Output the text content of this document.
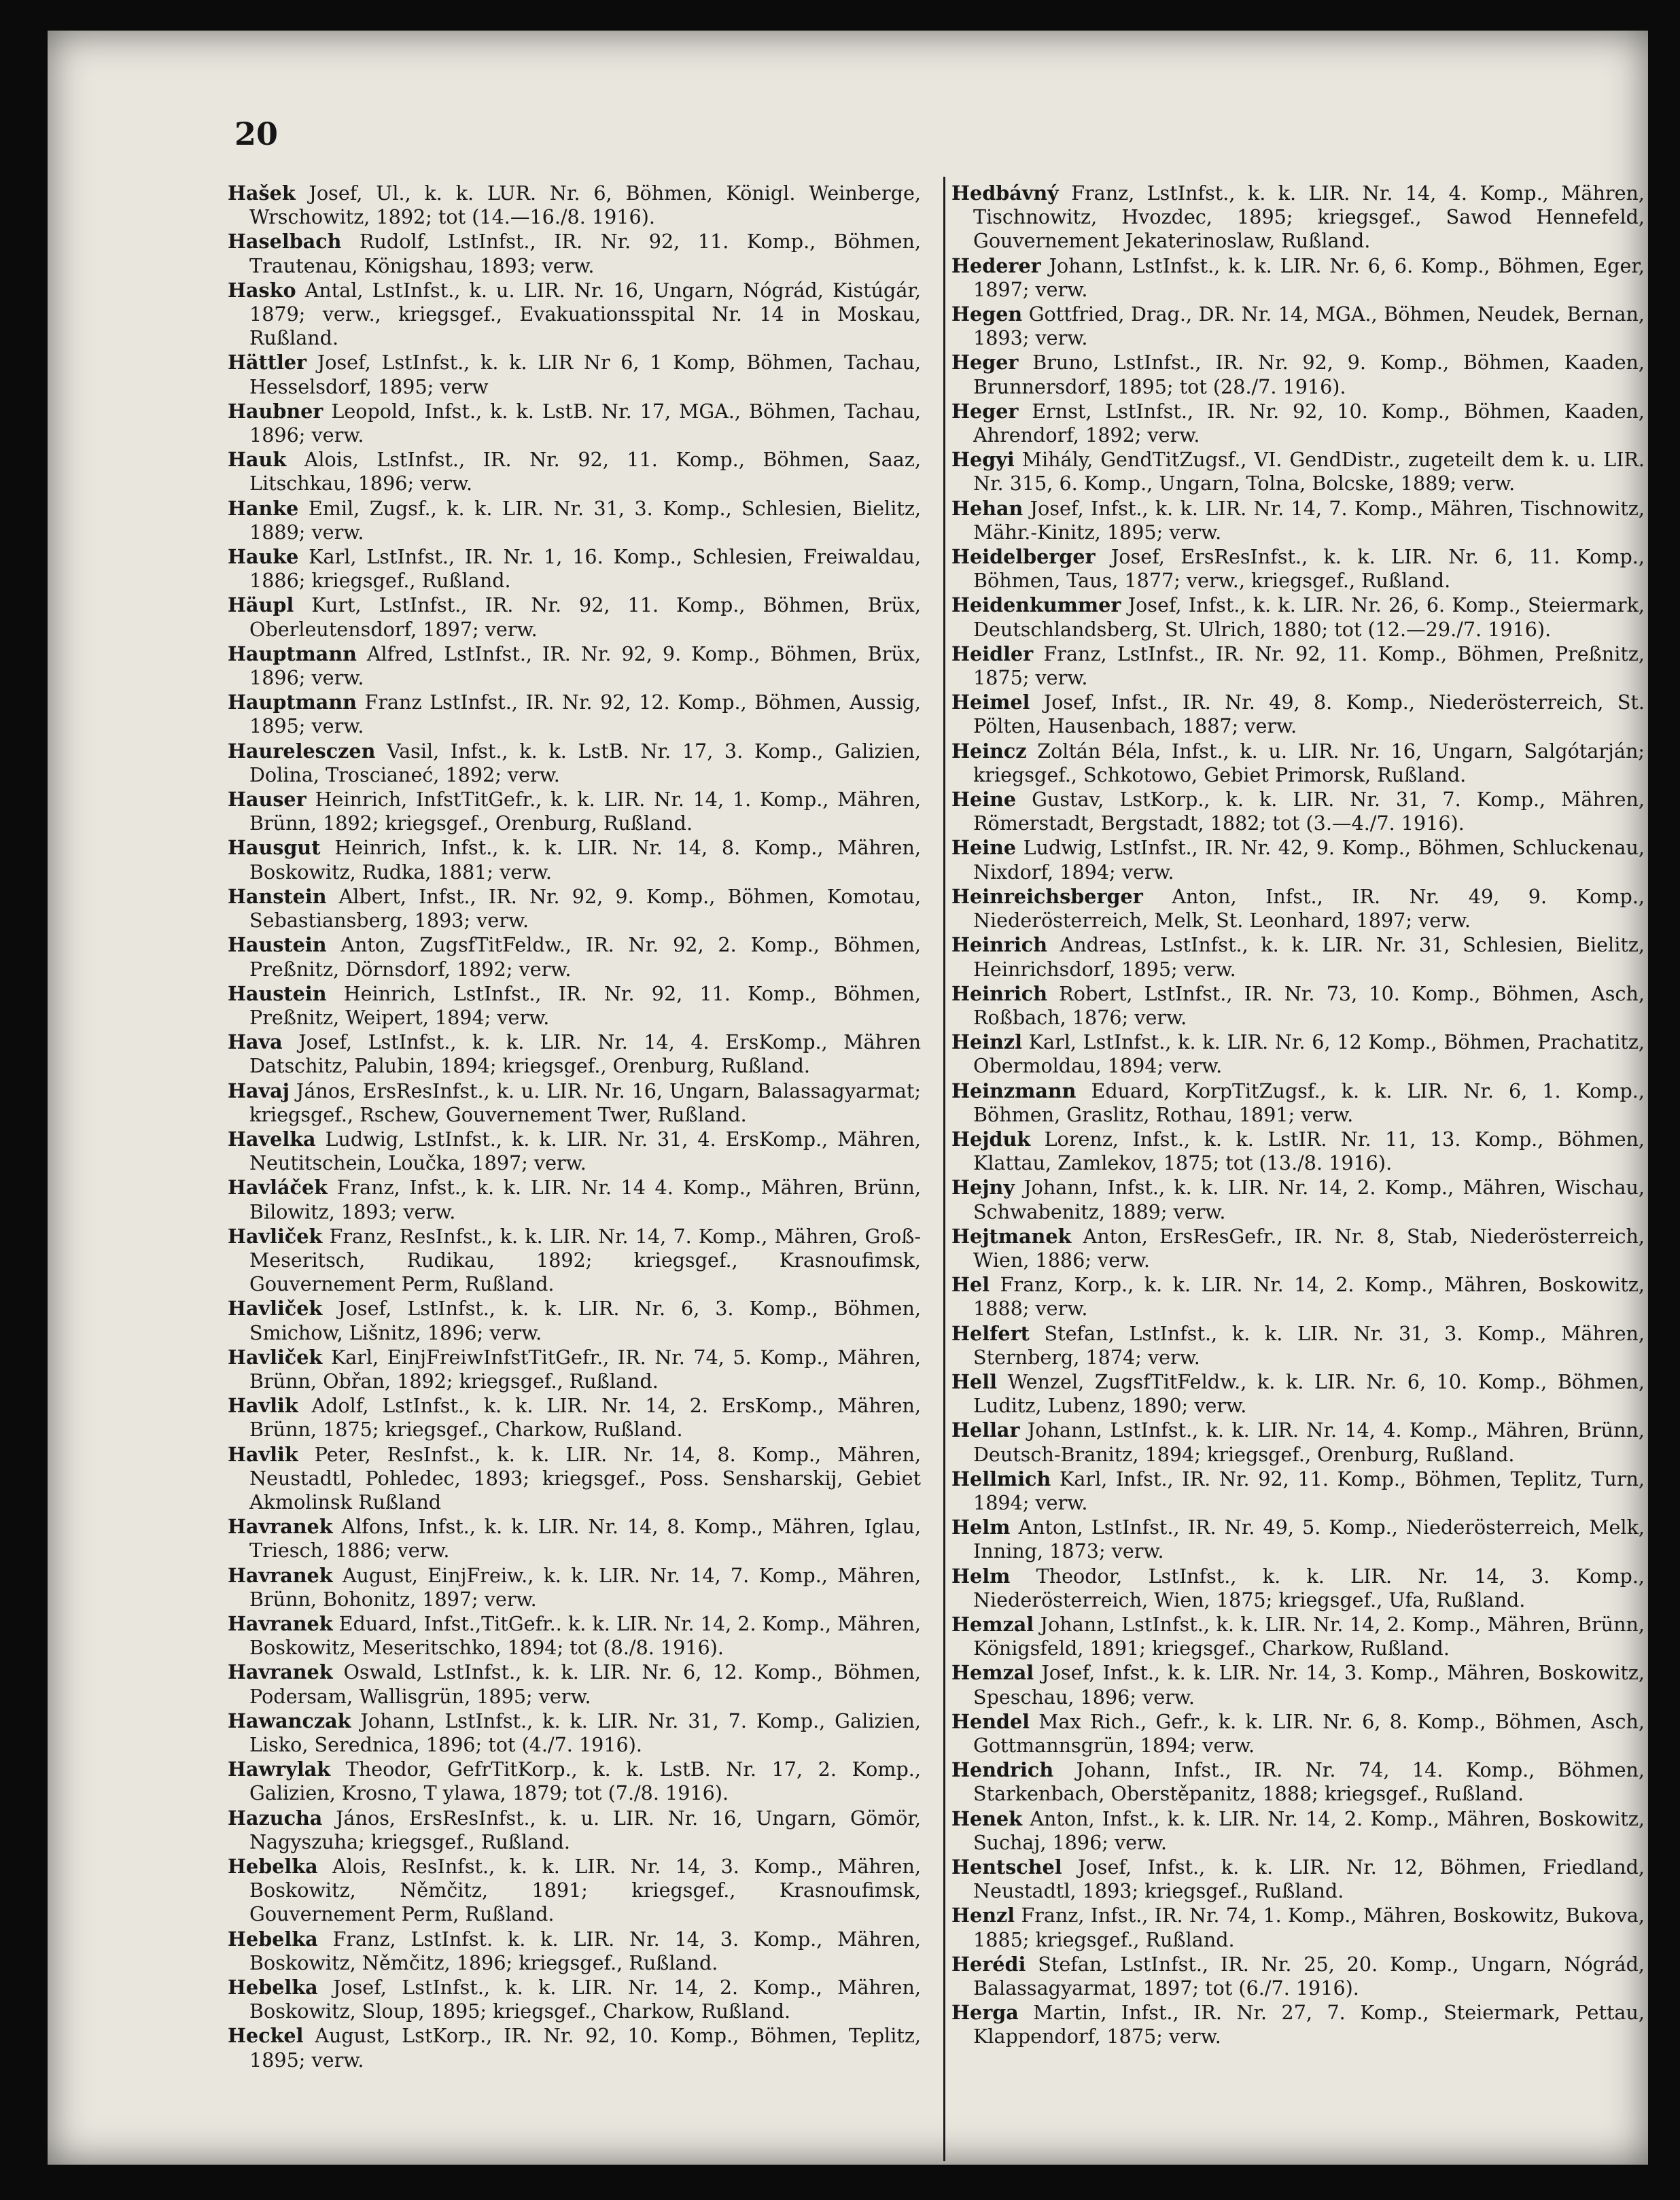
20

Hašek Josef, Ul., k. k. LUR. Nr. 6, Böhmen, Königl. Weinberge, Wrschowitz, 1892; tot (14.—16./8. 1916).

Haselbach Rudolf, LstInfst., IR. Nr. 92, 11. Komp., Böhmen, Trautenau, Königshau, 1893; verw.

Hasko Antal, LstInfst., k. u. LIR. Nr. 16, Ungarn, Nógrád, Kistúgár, 1879; verw., kriegsgef., Evakuationsspital Nr. 14 in Moskau, Rußland.

Hättler Josef, LstInfst., k. k. LIR Nr 6, 1 Komp, Böhmen, Tachau, Hesselsdorf, 1895; verw

Haubner Leopold, Infst., k. k. LstB. Nr. 17, MGA., Böhmen, Tachau, 1896; verw.

Hauk Alois, LstInfst., IR. Nr. 92, 11. Komp., Böhmen, Saaz, Litschkau, 1896; verw.

Hanke Emil, Zugsf., k. k. LIR. Nr. 31, 3. Komp., Schlesien, Bielitz, 1889; verw.

Hauke Karl, LstInfst., IR. Nr. 1, 16. Komp., Schlesien, Freiwaldau, 1886; kriegsgef., Rußland.

Häupl Kurt, LstInfst., IR. Nr. 92, 11. Komp., Böhmen, Brüx, Oberleutensdorf, 1897; verw.

Hauptmann Alfred, LstInfst., IR. Nr. 92, 9. Komp., Böhmen, Brüx, 1896; verw.

Hauptmann Franz LstInfst., IR. Nr. 92, 12. Komp., Böhmen, Aussig, 1895; verw.

Haurelesczen Vasil, Infst., k. k. LstB. Nr. 17, 3. Komp., Galizien, Dolina, Troscianeć, 1892; verw.

Hauser Heinrich, InfstTitGefr., k. k. LIR. Nr. 14, 1. Komp., Mähren, Brünn, 1892; kriegsgef., Orenburg, Rußland.

Hausgut Heinrich, Infst., k. k. LIR. Nr. 14, 8. Komp., Mähren, Boskowitz, Rudka, 1881; verw.

Hanstein Albert, Infst., IR. Nr. 92, 9. Komp., Böhmen, Komotau, Sebastiansberg, 1893; verw.

Haustein Anton, ZugsfTitFeldw., IR. Nr. 92, 2. Komp., Böhmen, Preßnitz, Dörnsdorf, 1892; verw.

Haustein Heinrich, LstInfst., IR. Nr. 92, 11. Komp., Böhmen, Preßnitz, Weipert, 1894; verw.

Hava Josef, LstInfst., k. k. LIR. Nr. 14, 4. ErsKomp., Mähren Datschitz, Palubin, 1894; kriegsgef., Orenburg, Rußland.

Havaj János, ErsResInfst., k. u. LIR. Nr. 16, Ungarn, Balassagyarmat; kriegsgef., Rschew, Gouvernement Twer, Rußland.

Havelka Ludwig, LstInfst., k. k. LIR. Nr. 31, 4. ErsKomp., Mähren, Neutitschein, Loučka, 1897; verw.

Havláček Franz, Infst., k. k. LIR. Nr. 14 4. Komp., Mähren, Brünn, Bilowitz, 1893; verw.

Havliček Franz, ResInfst., k. k. LIR. Nr. 14, 7. Komp., Mähren, Groß-Meseritsch, Rudikau, 1892; kriegsgef., Krasnoufimsk, Gouvernement Perm, Rußland.

Havliček Josef, LstInfst., k. k. LIR. Nr. 6, 3. Komp., Böhmen, Smichow, Lišnitz, 1896; verw.

Havliček Karl, EinjFreiwInfstTitGefr., IR. Nr. 74, 5. Komp., Mähren, Brünn, Obřan, 1892; kriegsgef., Rußland.

Havlik Adolf, LstInfst., k. k. LIR. Nr. 14, 2. ErsKomp., Mähren, Brünn, 1875; kriegsgef., Charkow, Rußland.

Havlik Peter, ResInfst., k. k. LIR. Nr. 14, 8. Komp., Mähren, Neustadtl, Pohledec, 1893; kriegsgef., Poss. Sensharskij, Gebiet Akmolinsk Rußland

Havranek Alfons, Infst., k. k. LIR. Nr. 14, 8. Komp., Mähren, Iglau, Triesch, 1886; verw.

Havranek August, EinjFreiw., k. k. LIR. Nr. 14, 7. Komp., Mähren, Brünn, Bohonitz, 1897; verw.

Havranek Eduard, Infst.,TitGefr.. k. k. LIR. Nr. 14, 2. Komp., Mähren, Boskowitz, Meseritschko, 1894; tot (8./8. 1916).

Havranek Oswald, LstInfst., k. k. LIR. Nr. 6, 12. Komp., Böhmen, Podersam, Wallisgrün, 1895; verw.

Hawanczak Johann, LstInfst., k. k. LIR. Nr. 31, 7. Komp., Galizien, Lisko, Serednica, 1896; tot (4./7. 1916).

Hawrylak Theodor, GefrTitKorp., k. k. LstB. Nr. 17, 2. Komp., Galizien, Krosno, T ylawa, 1879; tot (7./8. 1916).

Hazucha János, ErsResInfst., k. u. LIR. Nr. 16, Ungarn, Gömör, Nagyszuha; kriegsgef., Rußland.

Hebelka Alois, ResInfst., k. k. LIR. Nr. 14, 3. Komp., Mähren, Boskowitz, Němčitz, 1891; kriegsgef., Krasnoufimsk, Gouvernement Perm, Rußland.

Hebelka Franz, LstInfst. k. k. LIR. Nr. 14, 3. Komp., Mähren, Boskowitz, Němčitz, 1896; kriegsgef., Rußland.

Hebelka Josef, LstInfst., k. k. LIR. Nr. 14, 2. Komp., Mähren, Boskowitz, Sloup, 1895; kriegsgef., Charkow, Rußland.

Heckel August, LstKorp., IR. Nr. 92, 10. Komp., Böhmen, Teplitz, 1895; verw.

Hedbávný Franz, LstInfst., k. k. LIR. Nr. 14, 4. Komp., Mähren, Tischnowitz, Hvozdec, 1895; kriegsgef., Sawod Hennefeld, Gouvernement Jekaterinoslaw, Rußland.

Hederer Johann, LstInfst., k. k. LIR. Nr. 6, 6. Komp., Böhmen, Eger, 1897; verw.

Hegen Gottfried, Drag., DR. Nr. 14, MGA., Böhmen, Neudek, Bernan, 1893; verw.

Heger Bruno, LstInfst., IR. Nr. 92, 9. Komp., Böhmen, Kaaden, Brunnersdorf, 1895; tot (28./7. 1916).

Heger Ernst, LstInfst., IR. Nr. 92, 10. Komp., Böhmen, Kaaden, Ahrendorf, 1892; verw.

Hegyi Mihály, GendTitZugsf., VI. GendDistr., zugeteilt dem k. u. LIR. Nr. 315, 6. Komp., Ungarn, Tolna, Bolcske, 1889; verw.

Hehan Josef, Infst., k. k. LIR. Nr. 14, 7. Komp., Mähren, Tischnowitz, Mähr.-Kinitz, 1895; verw.

Heidelberger Josef, ErsResInfst., k. k. LIR. Nr. 6, 11. Komp., Böhmen, Taus, 1877; verw., kriegsgef., Rußland.

Heidenkummer Josef, Infst., k. k. LIR. Nr. 26, 6. Komp., Steiermark, Deutschlandsberg, St. Ulrich, 1880; tot (12.—29./7. 1916).

Heidler Franz, LstInfst., IR. Nr. 92, 11. Komp., Böhmen, Preßnitz, 1875; verw.

Heimel Josef, Infst., IR. Nr. 49, 8. Komp., Niederösterreich, St. Pölten, Hausenbach, 1887; verw.

Heincz Zoltán Béla, Infst., k. u. LIR. Nr. 16, Ungarn, Salgótarján; kriegsgef., Schkotowo, Gebiet Primorsk, Rußland.

Heine Gustav, LstKorp., k. k. LIR. Nr. 31, 7. Komp., Mähren, Römerstadt, Bergstadt, 1882; tot (3.—4./7. 1916).

Heine Ludwig, LstInfst., IR. Nr. 42, 9. Komp., Böhmen, Schluckenau, Nixdorf, 1894; verw.

Heinreichsberger Anton, Infst., IR. Nr. 49, 9. Komp., Niederösterreich, Melk, St. Leonhard, 1897; verw.

Heinrich Andreas, LstInfst., k. k. LIR. Nr. 31, Schlesien, Bielitz, Heinrichsdorf, 1895; verw.

Heinrich Robert, LstInfst., IR. Nr. 73, 10. Komp., Böhmen, Asch, Roßbach, 1876; verw.

Heinzl Karl, LstInfst., k. k. LIR. Nr. 6, 12 Komp., Böhmen, Prachatitz, Obermoldau, 1894; verw.

Heinzmann Eduard, KorpTitZugsf., k. k. LIR. Nr. 6, 1. Komp., Böhmen, Graslitz, Rothau, 1891; verw.

Hejduk Lorenz, Infst., k. k. LstIR. Nr. 11, 13. Komp., Böhmen, Klattau, Zamlekov, 1875; tot (13./8. 1916).

Hejny Johann, Infst., k. k. LIR. Nr. 14, 2. Komp., Mähren, Wischau, Schwabenitz, 1889; verw.

Hejtmanek Anton, ErsResGefr., IR. Nr. 8, Stab, Niederösterreich, Wien, 1886; verw.

Hel Franz, Korp., k. k. LIR. Nr. 14, 2. Komp., Mähren, Boskowitz, 1888; verw.

Helfert Stefan, LstInfst., k. k. LIR. Nr. 31, 3. Komp., Mähren, Sternberg, 1874; verw.

Hell Wenzel, ZugsfTitFeldw., k. k. LIR. Nr. 6, 10. Komp., Böhmen, Luditz, Lubenz, 1890; verw.

Hellar Johann, LstInfst., k. k. LIR. Nr. 14, 4. Komp., Mähren, Brünn, Deutsch-Branitz, 1894; kriegsgef., Orenburg, Rußland.

Hellmich Karl, Infst., IR. Nr. 92, 11. Komp., Böhmen, Teplitz, Turn, 1894; verw.

Helm Anton, LstInfst., IR. Nr. 49, 5. Komp., Niederösterreich, Melk, Inning, 1873; verw.

Helm Theodor, LstInfst., k. k. LIR. Nr. 14, 3. Komp., Niederösterreich, Wien, 1875; kriegsgef., Ufa, Rußland.

Hemzal Johann, LstInfst., k. k. LIR. Nr. 14, 2. Komp., Mähren, Brünn, Königsfeld, 1891; kriegsgef., Charkow, Rußland.

Hemzal Josef, Infst., k. k. LIR. Nr. 14, 3. Komp., Mähren, Boskowitz, Speschau, 1896; verw.

Hendel Max Rich., Gefr., k. k. LIR. Nr. 6, 8. Komp., Böhmen, Asch, Gottmannsgrün, 1894; verw.

Hendrich Johann, Infst., IR. Nr. 74, 14. Komp., Böhmen, Starkenbach, Oberstěpanitz, 1888; kriegsgef., Rußland.

Henek Anton, Infst., k. k. LIR. Nr. 14, 2. Komp., Mähren, Boskowitz, Suchaj, 1896; verw.

Hentschel Josef, Infst., k. k. LIR. Nr. 12, Böhmen, Friedland, Neustadtl, 1893; kriegsgef., Rußland.

Henzl Franz, Infst., IR. Nr. 74, 1. Komp., Mähren, Boskowitz, Bukova, 1885; kriegsgef., Rußland.

Herédi Stefan, LstInfst., IR. Nr. 25, 20. Komp., Ungarn, Nógrád, Balassagyarmat, 1897; tot (6./7. 1916).

Herga Martin, Infst., IR. Nr. 27, 7. Komp., Steiermark, Pettau, Klappendorf, 1875; verw.
